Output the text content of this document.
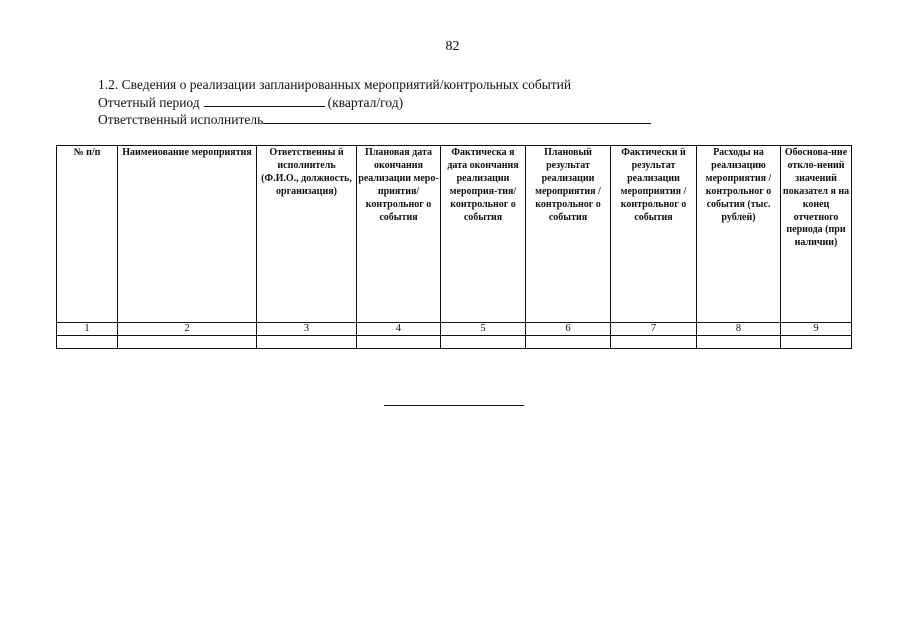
82
1.2. Сведения о реализации запланированных мероприятий/контрольных событий
Отчетный период	(квартал/год)
Ответственный исполнитель
№ п/п	Наименование мероприятия	Ответственны й исполнитель (Ф.И.О., должность, организация)	Плановая дата окончания реализации меро-приятия/ контрольног о события	Фактическа я дата окончания реализации мероприя-тия/ контрольног о события	Плановый результат реализации мероприятия /контрольног о события	Фактически й результат реализации мероприятия /контрольног о события	Расходы на реализацию мероприятия /контрольног о события (тыс. рублей)	Обоснова-ние откло-нений значений показател я на конец отчетного периода (при наличии)
1	2	3	4	5	6	7	8	9
